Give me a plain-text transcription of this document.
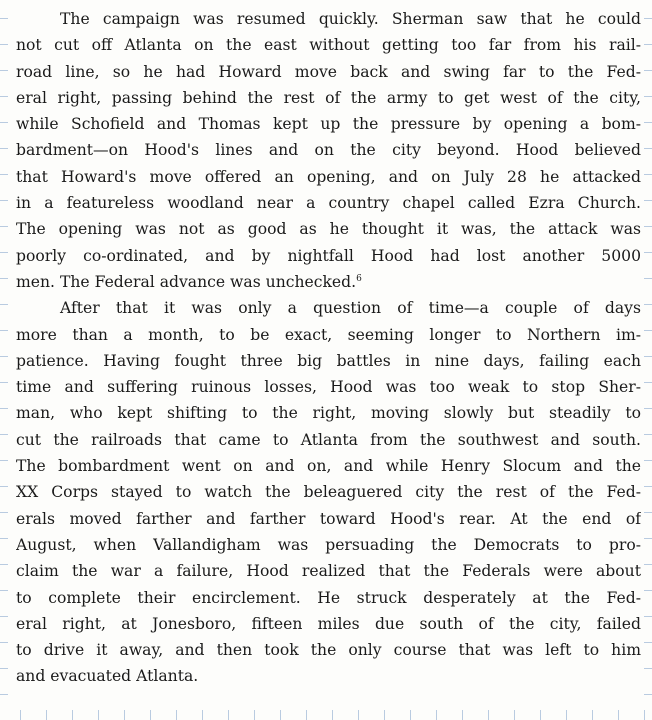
The campaign was resumed quickly. Sherman saw that he could
not cut off Atlanta on the east without getting too far from his rail-
road line, so he had Howard move back and swing far to the Fed-
eral right, passing behind the rest of the army to get west of the city,
while Schofield and Thomas kept up the pressure by opening a bom-
bardment—on Hood's lines and on the city beyond. Hood believed
that Howard's move offered an opening, and on July 28 he attacked
in a featureless woodland near a country chapel called Ezra Church.
The opening was not as good as he thought it was, the attack was
poorly co-ordinated, and by nightfall Hood had lost another 5000
men. The Federal advance was unchecked.$^6$
After that it was only a question of time—a couple of days
more than a month, to be exact, seeming longer to Northern im-
patience. Having fought three big battles in nine days, failing each
time and suffering ruinous losses, Hood was too weak to stop Sher-
man, who kept shifting to the right, moving slowly but steadily to
cut the railroads that came to Atlanta from the southwest and south.
The bombardment went on and on, and while Henry Slocum and the
XX Corps stayed to watch the beleaguered city the rest of the Fed-
erals moved farther and farther toward Hood's rear. At the end of
August, when Vallandigham was persuading the Democrats to pro-
claim the war a failure, Hood realized that the Federals were about
to complete their encirclement. He struck desperately at the Fed-
eral right, at Jonesboro, fifteen miles due south of the city, failed
to drive it away, and then took the only course that was left to him
and evacuated Atlanta.
